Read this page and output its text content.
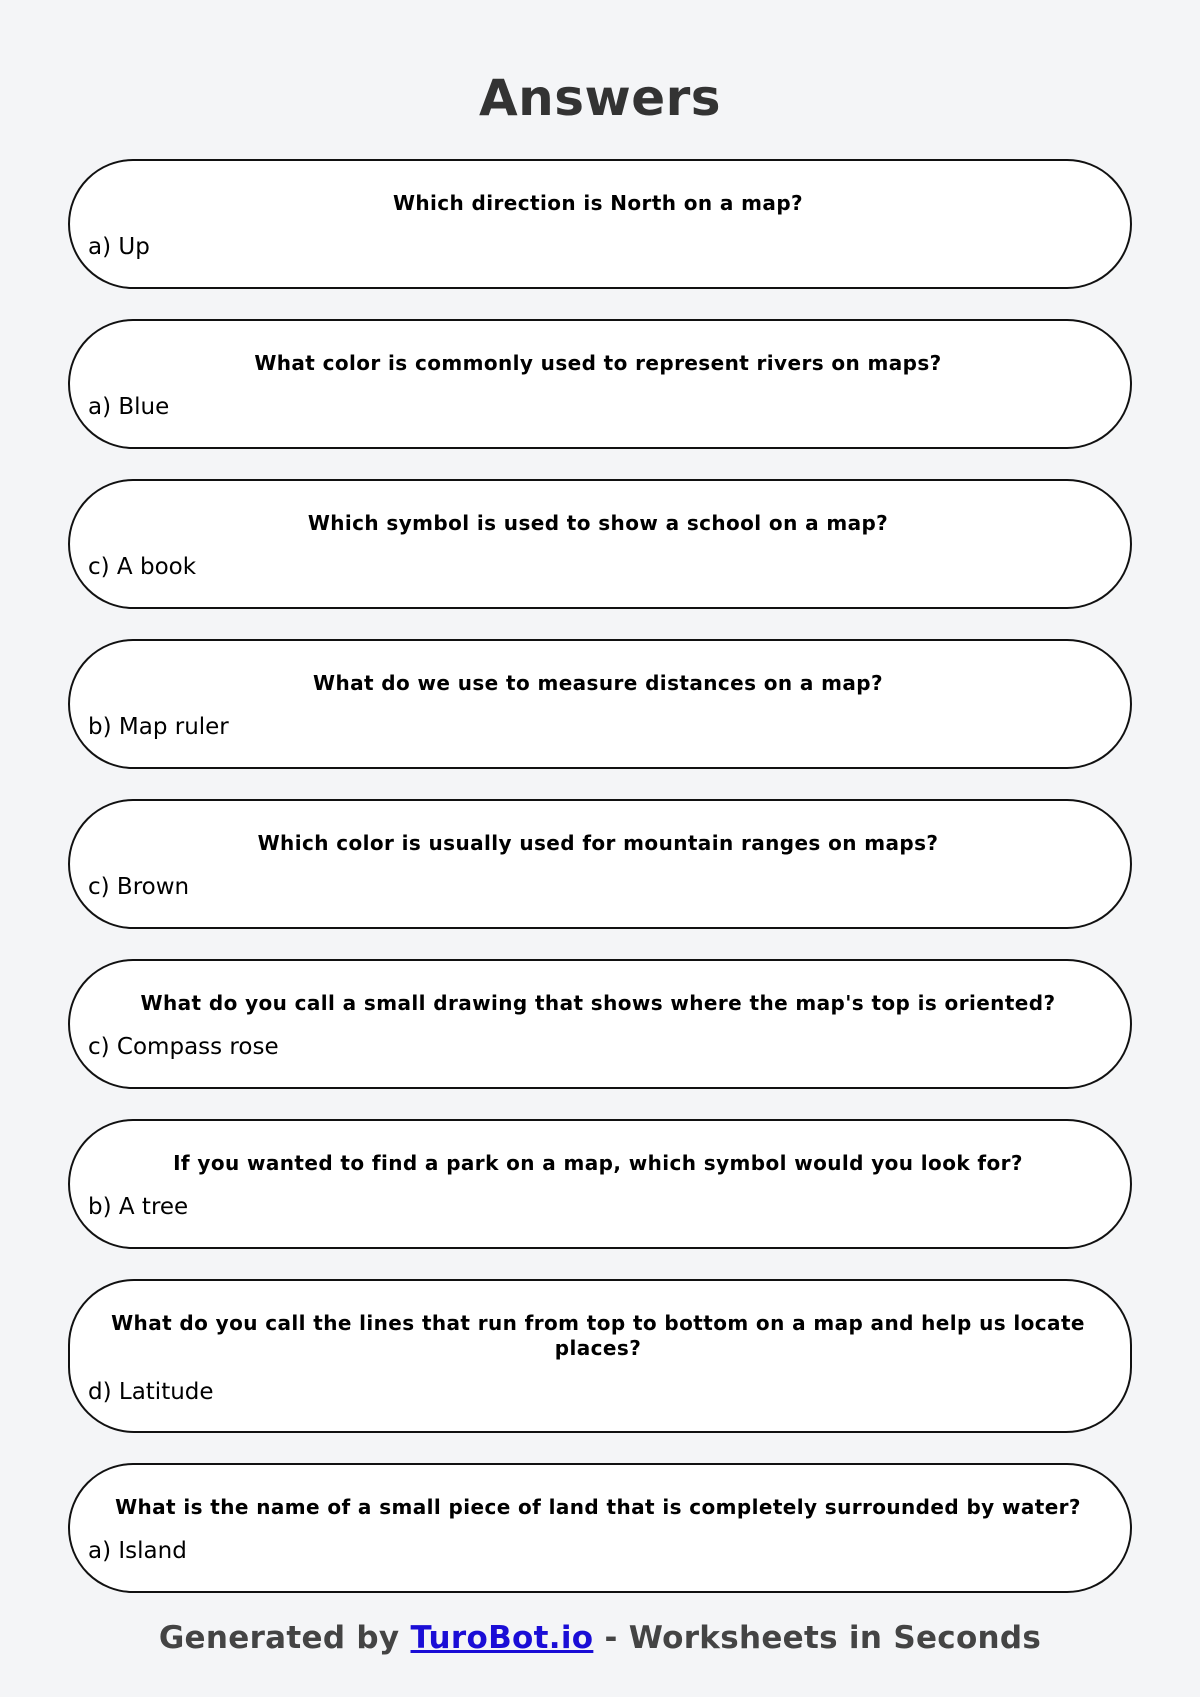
Answers

Which direction is North on a map?

a) Up

What color is commonly used to represent rivers on maps?

a) Blue

Which symbol is used to show a school on a map?

c) A book

What do we use to measure distances on a map?

b) Map ruler

Which color is usually used for mountain ranges on maps?

c) Brown

What do you call a small drawing that shows where the map's top is oriented?

c) Compass rose

If you wanted to find a park on a map, which symbol would you look for?

b) A tree

What do you call the lines that run from top to bottom on a map and help us locate places?

d) Latitude

What is the name of a small piece of land that is completely surrounded by water?

a) Island

Generated by TuroBot.io - Worksheets in Seconds
